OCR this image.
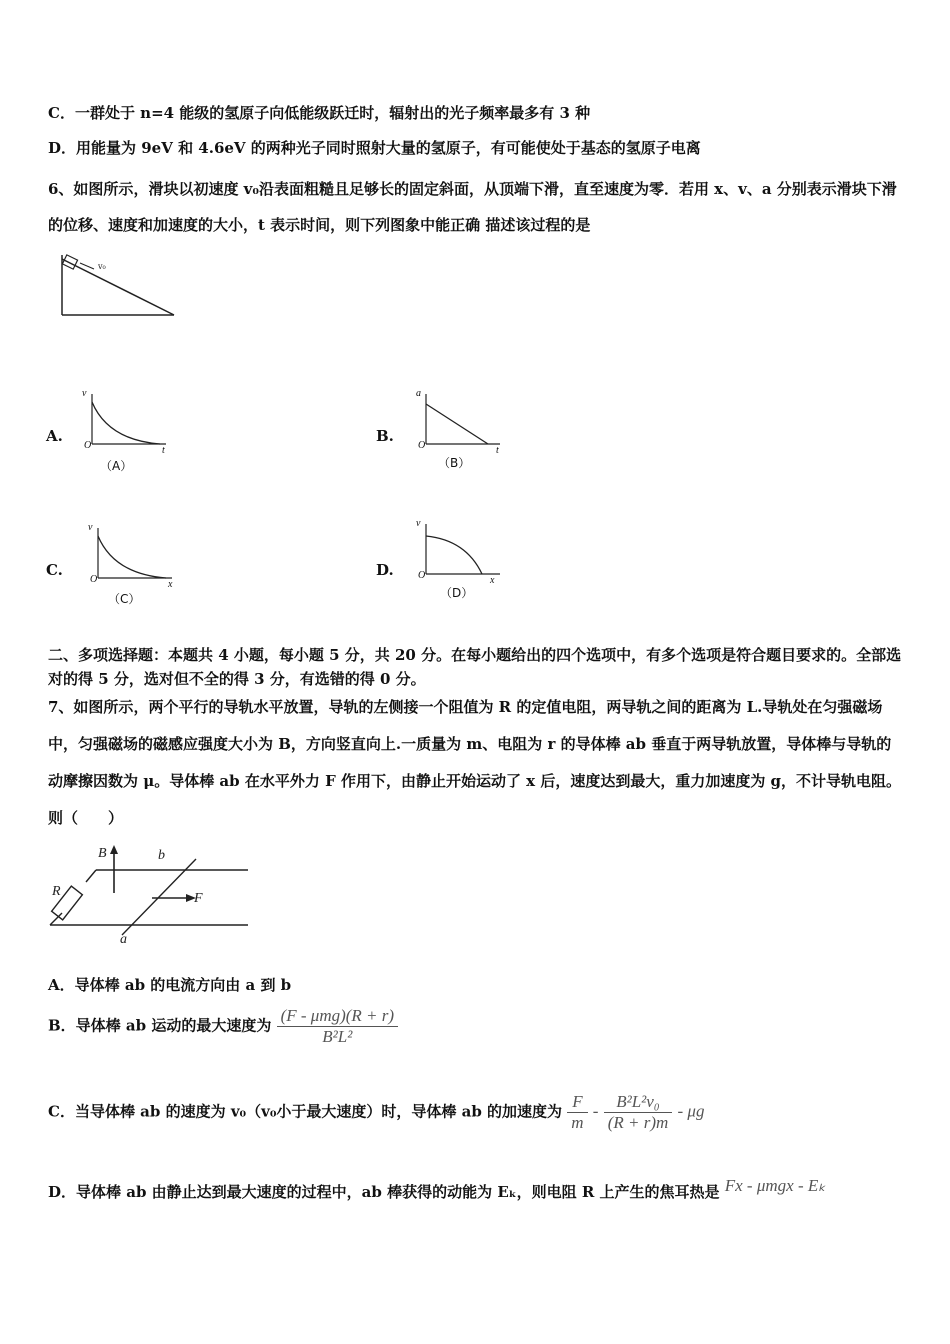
C．一群处于 n=4 能级的氢原子向低能级跃迁时，辐射出的光子频率最多有 3 种
D．用能量为 9eV 和 4.6eV 的两种光子同时照射大量的氢原子，有可能使处于基态的氢原子电离
6、如图所示，滑块以初速度 v₀沿表面粗糙且足够长的固定斜面，从顶端下滑，直至速度为零．若用 x、v、a 分别表示滑块下滑的位移、速度和加速度的大小，t 表示时间，则下列图象中能正确 描述该过程的是
v₀
A.
v
O	t
（A）
B.
a
O	t
（B）
C.
v
O	x
（C）
D.
v
O	x
（D）
二、多项选择题：本题共 4 小题，每小题 5 分，共 20 分。在每小题给出的四个选项中，有多个选项是符合题目要求的。全部选对的得 5 分，选对但不全的得 3 分，有选错的得 0 分。
7、如图所示，两个平行的导轨水平放置，导轨的左侧接一个阻值为 R 的定值电阻，两导轨之间的距离为 L.导轨处在匀强磁场中，匀强磁场的磁感应强度大小为 B，方向竖直向上.一质量为 m、电阻为 r 的导体棒 ab 垂直于两导轨放置，导体棒与导轨的动摩擦因数为 μ。导体棒 ab 在水平外力 F 作用下，由静止开始运动了 x 后，速度达到最大，重力加速度为 g，不计导轨电阻。则（　　）
B	b
R	F
a
A．导体棒 ab 的电流方向由 a 到 b
B．导体棒 ab 运动的最大速度为 $\frac{\text{(F - μmg)(R + r)}}{\text{B²L²}}$
C．当导体棒 ab 的速度为 v₀（v₀小于最大速度）时，导体棒 ab 的加速度为 $\frac{F}{m} - \frac{\text{B²L²v₀}}{(R + r)m}$ - μg
D．导体棒 ab 由静止达到最大速度的过程中，ab 棒获得的动能为 Eₖ，则电阻 R 上产生的焦耳热是 Fx - μmgx - Eₖ
